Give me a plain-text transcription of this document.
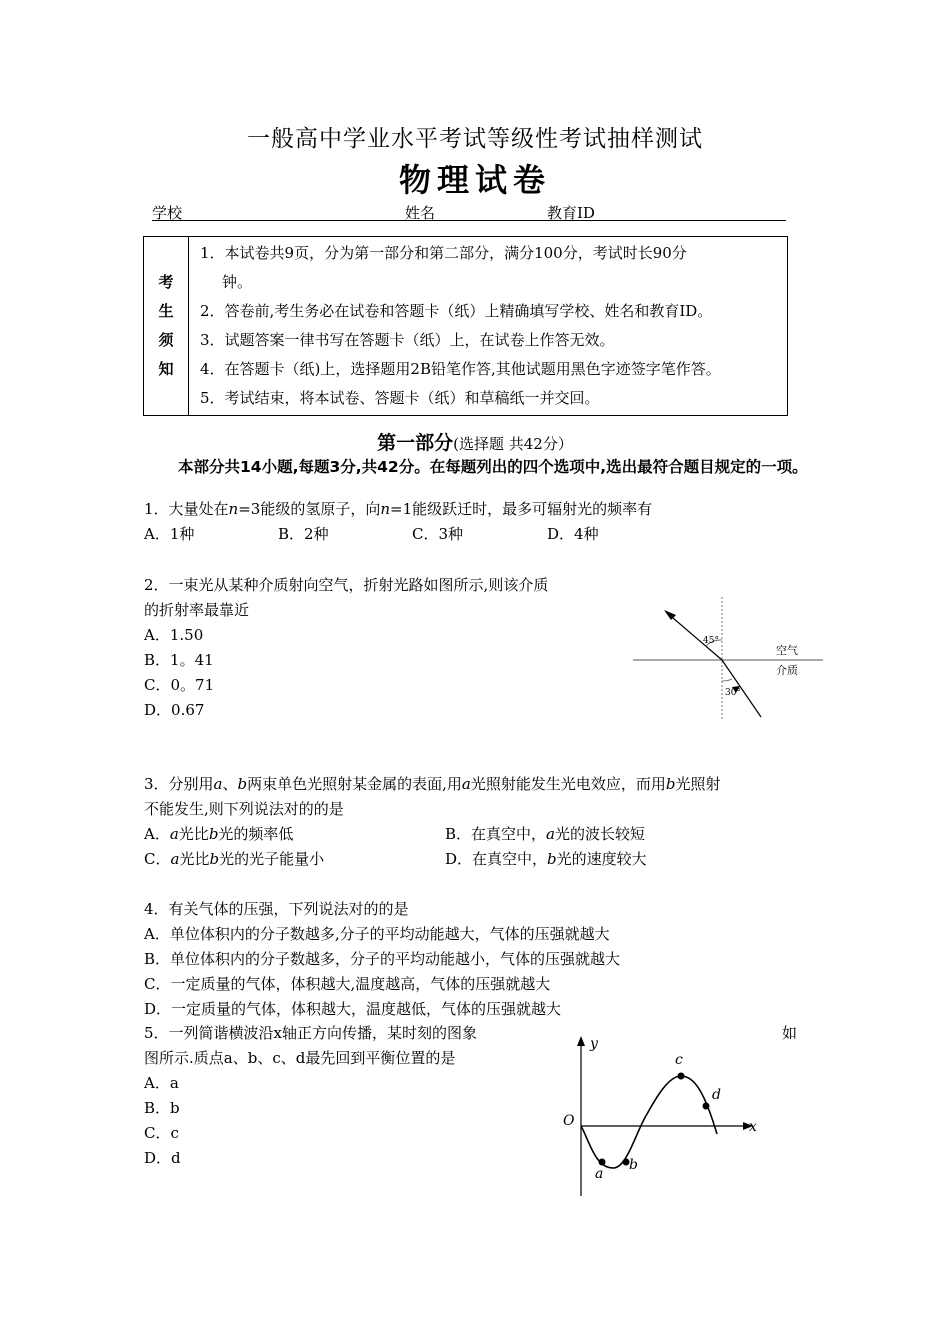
一般高中学业水平考试等级性考试抽样测试
物理试卷
学校	姓名	教育ID
考
生
须
知
1．本试卷共9页，分为第一部分和第二部分，满分100分，考试时长90分
钟。
2．答卷前,考生务必在试卷和答题卡（纸）上精确填写学校、姓名和教育ID。
3．试题答案一律书写在答题卡（纸）上，在试卷上作答无效。
4．在答题卡（纸)上，选择题用2B铅笔作答,其他试题用黑色字迹签字笔作答。
5．考试结束，将本试卷、答题卡（纸）和草稿纸一并交回。
第一部分(选择题 共42分）
本部分共14小题,每题3分,共42分。在每题列出的四个选项中,选出最符合题目规定的一项。
1．大量处在n=3能级的氢原子，向n=1能级跃迁时，最多可辐射光的频率有
A．1种	B．2种	C．3种	D．4种
2．一束光从某种介质射向空气，折射光路如图所示,则该介质
的折射率最靠近
A．1.50
B．1。41
C．0。71
D．0.67
45°
30°
空气
介质
3．分别用a、b两束单色光照射某金属的表面,用a光照射能发生光电效应，而用b光照射
不能发生,则下列说法对的的是
A．a光比b光的频率低	B．在真空中，a光的波长较短
C．a光比b光的光子能量小	D．在真空中，b光的速度较大
4．有关气体的压强，下列说法对的的是
A．单位体积内的分子数越多,分子的平均动能越大，气体的压强就越大
B．单位体积内的分子数越多，分子的平均动能越小，气体的压强就越大
C．一定质量的气体，体积越大,温度越高，气体的压强就越大
D．一定质量的气体，体积越大，温度越低，气体的压强就越大
5．一列简谐横波沿x轴正方向传播，某时刻的图象	如
图所示.质点a、b、c、d最先回到平衡位置的是
A．a
B．b
C．c
D．d
y
x
O
a
b
c
d
